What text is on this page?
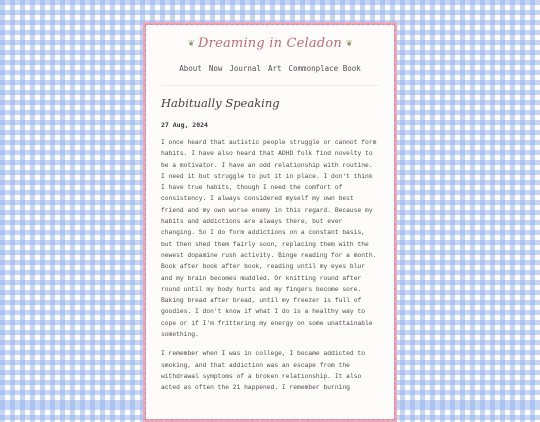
❦ Dreaming in Celadon ❦
About Now Journal Art Commonplace Book
Habitually Speaking
27 Aug, 2024

I once heard that autistic people struggle or cannot form habits. I have also heard that ADHD folk find novelty to be a motivator. I have an odd relationship with routine. I need it but struggle to put it in place. I don't think I have true habits, though I need the comfort of consistency. I always considered myself my own best friend and my own worse enemy in this regard. Because my habits and addictions are always there, but ever changing. So I do form addictions on a constant basis, but then shed them fairly soon, replacing them with the newest dopamine rush activity. Binge reading for a month. Book after book after book, reading until my eyes blur and my brain becomes muddled. Or knitting round after round until my body hurts and my fingers become sore. Baking bread after bread, until my freezer is full of goodies. I don't know if what I do is a healthy way to cope or if I'm frittering my energy on some unattainable something.

I remember when I was in college, I became addicted to smoking, and that addiction was an escape from the withdrawal symptoms of a broken relationship. It also acted as often the 21 happened. I remember burning
